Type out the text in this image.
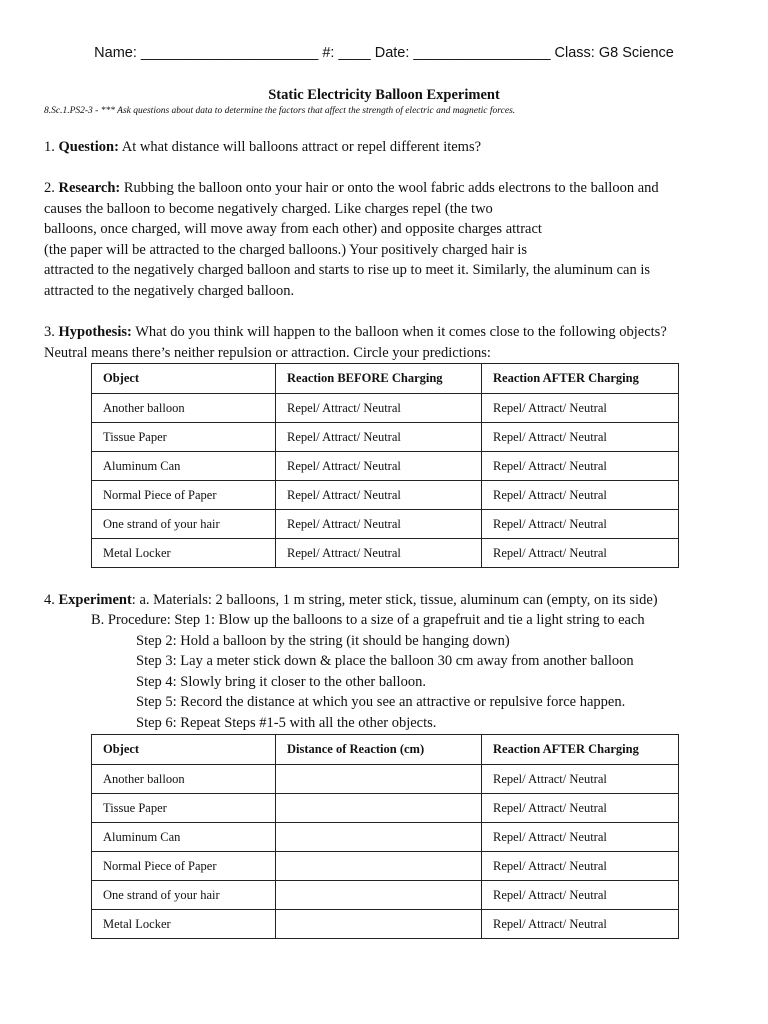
Name: ______________________ #: ____ Date: _________________ Class: G8 Science
Static Electricity Balloon Experiment
8.Sc.1.PS2-3 - *** Ask questions about data to determine the factors that affect the strength of electric and magnetic forces.
1. Question: At what distance will balloons attract or repel different items?
2. Research: Rubbing the balloon onto your hair or onto the wool fabric adds electrons to the balloon and
causes the balloon to become negatively charged. Like charges repel (the two
balloons, once charged, will move away from each other) and opposite charges attract
(the paper will be attracted to the charged balloons.) Your positively charged hair is
attracted to the negatively charged balloon and starts to rise up to meet it. Similarly, the aluminum can is
attracted to the negatively charged balloon.
3. Hypothesis: What do you think will happen to the balloon when it comes close to the following objects?
Neutral means there’s neither repulsion or attraction. Circle your predictions:
Object	Reaction BEFORE Charging	Reaction AFTER Charging
Another balloon	Repel/ Attract/ Neutral	Repel/ Attract/ Neutral
Tissue Paper	Repel/ Attract/ Neutral	Repel/ Attract/ Neutral
Aluminum Can	Repel/ Attract/ Neutral	Repel/ Attract/ Neutral
Normal Piece of Paper	Repel/ Attract/ Neutral	Repel/ Attract/ Neutral
One strand of your hair	Repel/ Attract/ Neutral	Repel/ Attract/ Neutral
Metal Locker	Repel/ Attract/ Neutral	Repel/ Attract/ Neutral
4. Experiment: a. Materials: 2 balloons, 1 m string, meter stick, tissue, aluminum can (empty, on its side)
B. Procedure: Step 1: Blow up the balloons to a size of a grapefruit and tie a light string to each
Step 2: Hold a balloon by the string (it should be hanging down)
Step 3: Lay a meter stick down & place the balloon 30 cm away from another balloon
Step 4: Slowly bring it closer to the other balloon.
Step 5: Record the distance at which you see an attractive or repulsive force happen.
Step 6: Repeat Steps #1-5 with all the other objects.
Object	Distance of Reaction (cm)	Reaction AFTER Charging
Another balloon		Repel/ Attract/ Neutral
Tissue Paper		Repel/ Attract/ Neutral
Aluminum Can		Repel/ Attract/ Neutral
Normal Piece of Paper		Repel/ Attract/ Neutral
One strand of your hair		Repel/ Attract/ Neutral
Metal Locker		Repel/ Attract/ Neutral
